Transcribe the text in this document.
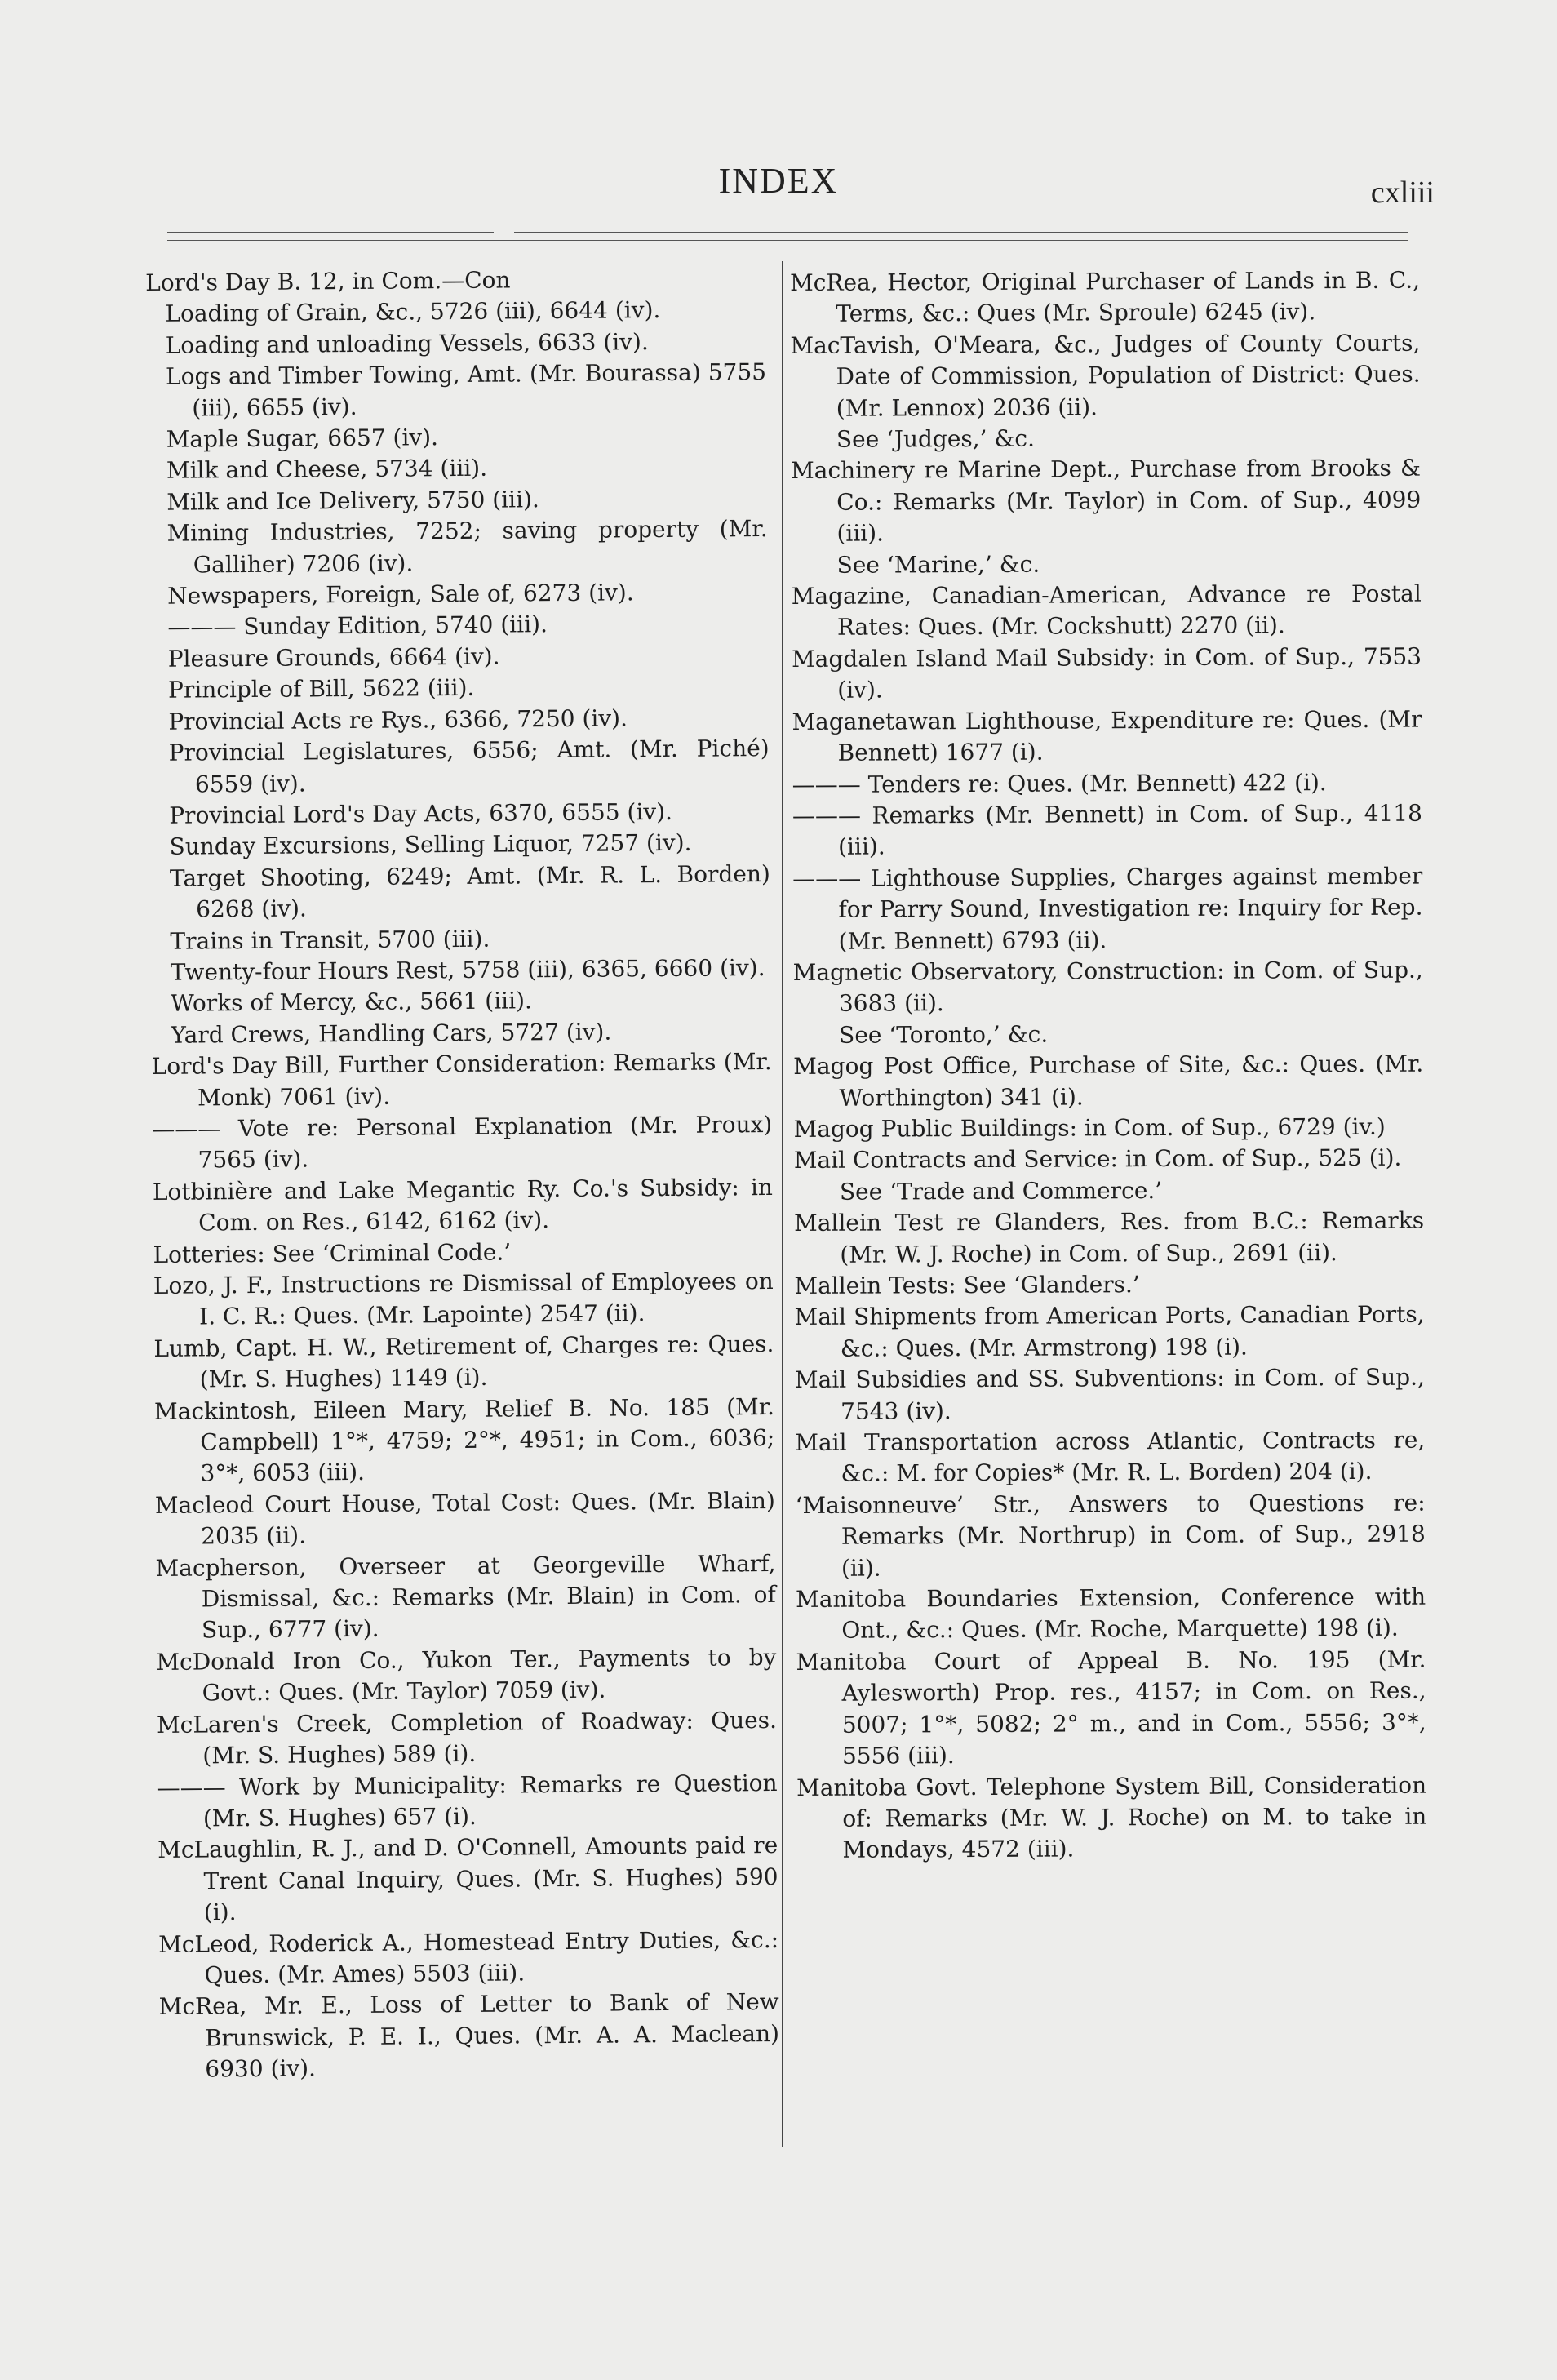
INDEX	cxliii

Lord's Day B. 12, in Com.—Con

Loading of Grain, &c., 5726 (iii), 6644 (iv).

Loading and unloading Vessels, 6633 (iv).

Logs and Timber Towing, Amt. (Mr. Bourassa) 5755 (iii), 6655 (iv).

Maple Sugar, 6657 (iv).

Milk and Cheese, 5734 (iii).

Milk and Ice Delivery, 5750 (iii).

Mining Industries, 7252; saving property (Mr. Galliher) 7206 (iv).

Newspapers, Foreign, Sale of, 6273 (iv).

——— Sunday Edition, 5740 (iii).

Pleasure Grounds, 6664 (iv).

Principle of Bill, 5622 (iii).

Provincial Acts re Rys., 6366, 7250 (iv).

Provincial Legislatures, 6556; Amt. (Mr. Piché) 6559 (iv).

Provincial Lord's Day Acts, 6370, 6555 (iv).

Sunday Excursions, Selling Liquor, 7257 (iv).

Target Shooting, 6249; Amt. (Mr. R. L. Borden) 6268 (iv).

Trains in Transit, 5700 (iii).

Twenty-four Hours Rest, 5758 (iii), 6365, 6660 (iv).

Works of Mercy, &c., 5661 (iii).

Yard Crews, Handling Cars, 5727 (iv).

Lord's Day Bill, Further Consideration: Remarks (Mr. Monk) 7061 (iv).

——— Vote re: Personal Explanation (Mr. Proux) 7565 (iv).

Lotbinière and Lake Megantic Ry. Co.'s Subsidy: in Com. on Res., 6142, 6162 (iv).

Lotteries: See ‘Criminal Code.’

Lozo, J. F., Instructions re Dismissal of Employees on I. C. R.: Ques. (Mr. Lapointe) 2547 (ii).

Lumb, Capt. H. W., Retirement of, Charges re: Ques. (Mr. S. Hughes) 1149 (i).

Mackintosh, Eileen Mary, Relief B. No. 185 (Mr. Campbell) 1°*, 4759; 2°*, 4951; in Com., 6036; 3°*, 6053 (iii).

Macleod Court House, Total Cost: Ques. (Mr. Blain) 2035 (ii).

Macpherson, Overseer at Georgeville Wharf, Dismissal, &c.: Remarks (Mr. Blain) in Com. of Sup., 6777 (iv).

McDonald Iron Co., Yukon Ter., Payments to by Govt.: Ques. (Mr. Taylor) 7059 (iv).

McLaren's Creek, Completion of Roadway: Ques. (Mr. S. Hughes) 589 (i).

——— Work by Municipality: Remarks re Question (Mr. S. Hughes) 657 (i).

McLaughlin, R. J., and D. O'Connell, Amounts paid re Trent Canal Inquiry, Ques. (Mr. S. Hughes) 590 (i).

McLeod, Roderick A., Homestead Entry Duties, &c.: Ques. (Mr. Ames) 5503 (iii).

McRea, Mr. E., Loss of Letter to Bank of New Brunswick, P. E. I., Ques. (Mr. A. A. Maclean) 6930 (iv).

McRea, Hector, Original Purchaser of Lands in B. C., Terms, &c.: Ques (Mr. Sproule) 6245 (iv).

MacTavish, O'Meara, &c., Judges of County Courts, Date of Commission, Population of District: Ques. (Mr. Lennox) 2036 (ii).

See ‘Judges,’ &c.

Machinery re Marine Dept., Purchase from Brooks & Co.: Remarks (Mr. Taylor) in Com. of Sup., 4099 (iii).

See ‘Marine,’ &c.

Magazine, Canadian-American, Advance re Postal Rates: Ques. (Mr. Cockshutt) 2270 (ii).

Magdalen Island Mail Subsidy: in Com. of Sup., 7553 (iv).

Maganetawan Lighthouse, Expenditure re: Ques. (Mr Bennett) 1677 (i).

——— Tenders re: Ques. (Mr. Bennett) 422 (i).

——— Remarks (Mr. Bennett) in Com. of Sup., 4118 (iii).

——— Lighthouse Supplies, Charges against member for Parry Sound, Investigation re: Inquiry for Rep. (Mr. Bennett) 6793 (ii).

Magnetic Observatory, Construction: in Com. of Sup., 3683 (ii).

See ‘Toronto,’ &c.

Magog Post Office, Purchase of Site, &c.: Ques. (Mr. Worthington) 341 (i).

Magog Public Buildings: in Com. of Sup., 6729 (iv.)

Mail Contracts and Service: in Com. of Sup., 525 (i).

See ‘Trade and Commerce.’

Mallein Test re Glanders, Res. from B.C.: Remarks (Mr. W. J. Roche) in Com. of Sup., 2691 (ii).

Mallein Tests: See ‘Glanders.’

Mail Shipments from American Ports, Canadian Ports, &c.: Ques. (Mr. Armstrong) 198 (i).

Mail Subsidies and SS. Subventions: in Com. of Sup., 7543 (iv).

Mail Transportation across Atlantic, Contracts re, &c.: M. for Copies* (Mr. R. L. Borden) 204 (i).

‘Maisonneuve’ Str., Answers to Questions re: Remarks (Mr. Northrup) in Com. of Sup., 2918 (ii).

Manitoba Boundaries Extension, Conference with Ont., &c.: Ques. (Mr. Roche, Marquette) 198 (i).

Manitoba Court of Appeal B. No. 195 (Mr. Aylesworth) Prop. res., 4157; in Com. on Res., 5007; 1°*, 5082; 2° m., and in Com., 5556; 3°*, 5556 (iii).

Manitoba Govt. Telephone System Bill, Consideration of: Remarks (Mr. W. J. Roche) on M. to take in Mondays, 4572 (iii).
